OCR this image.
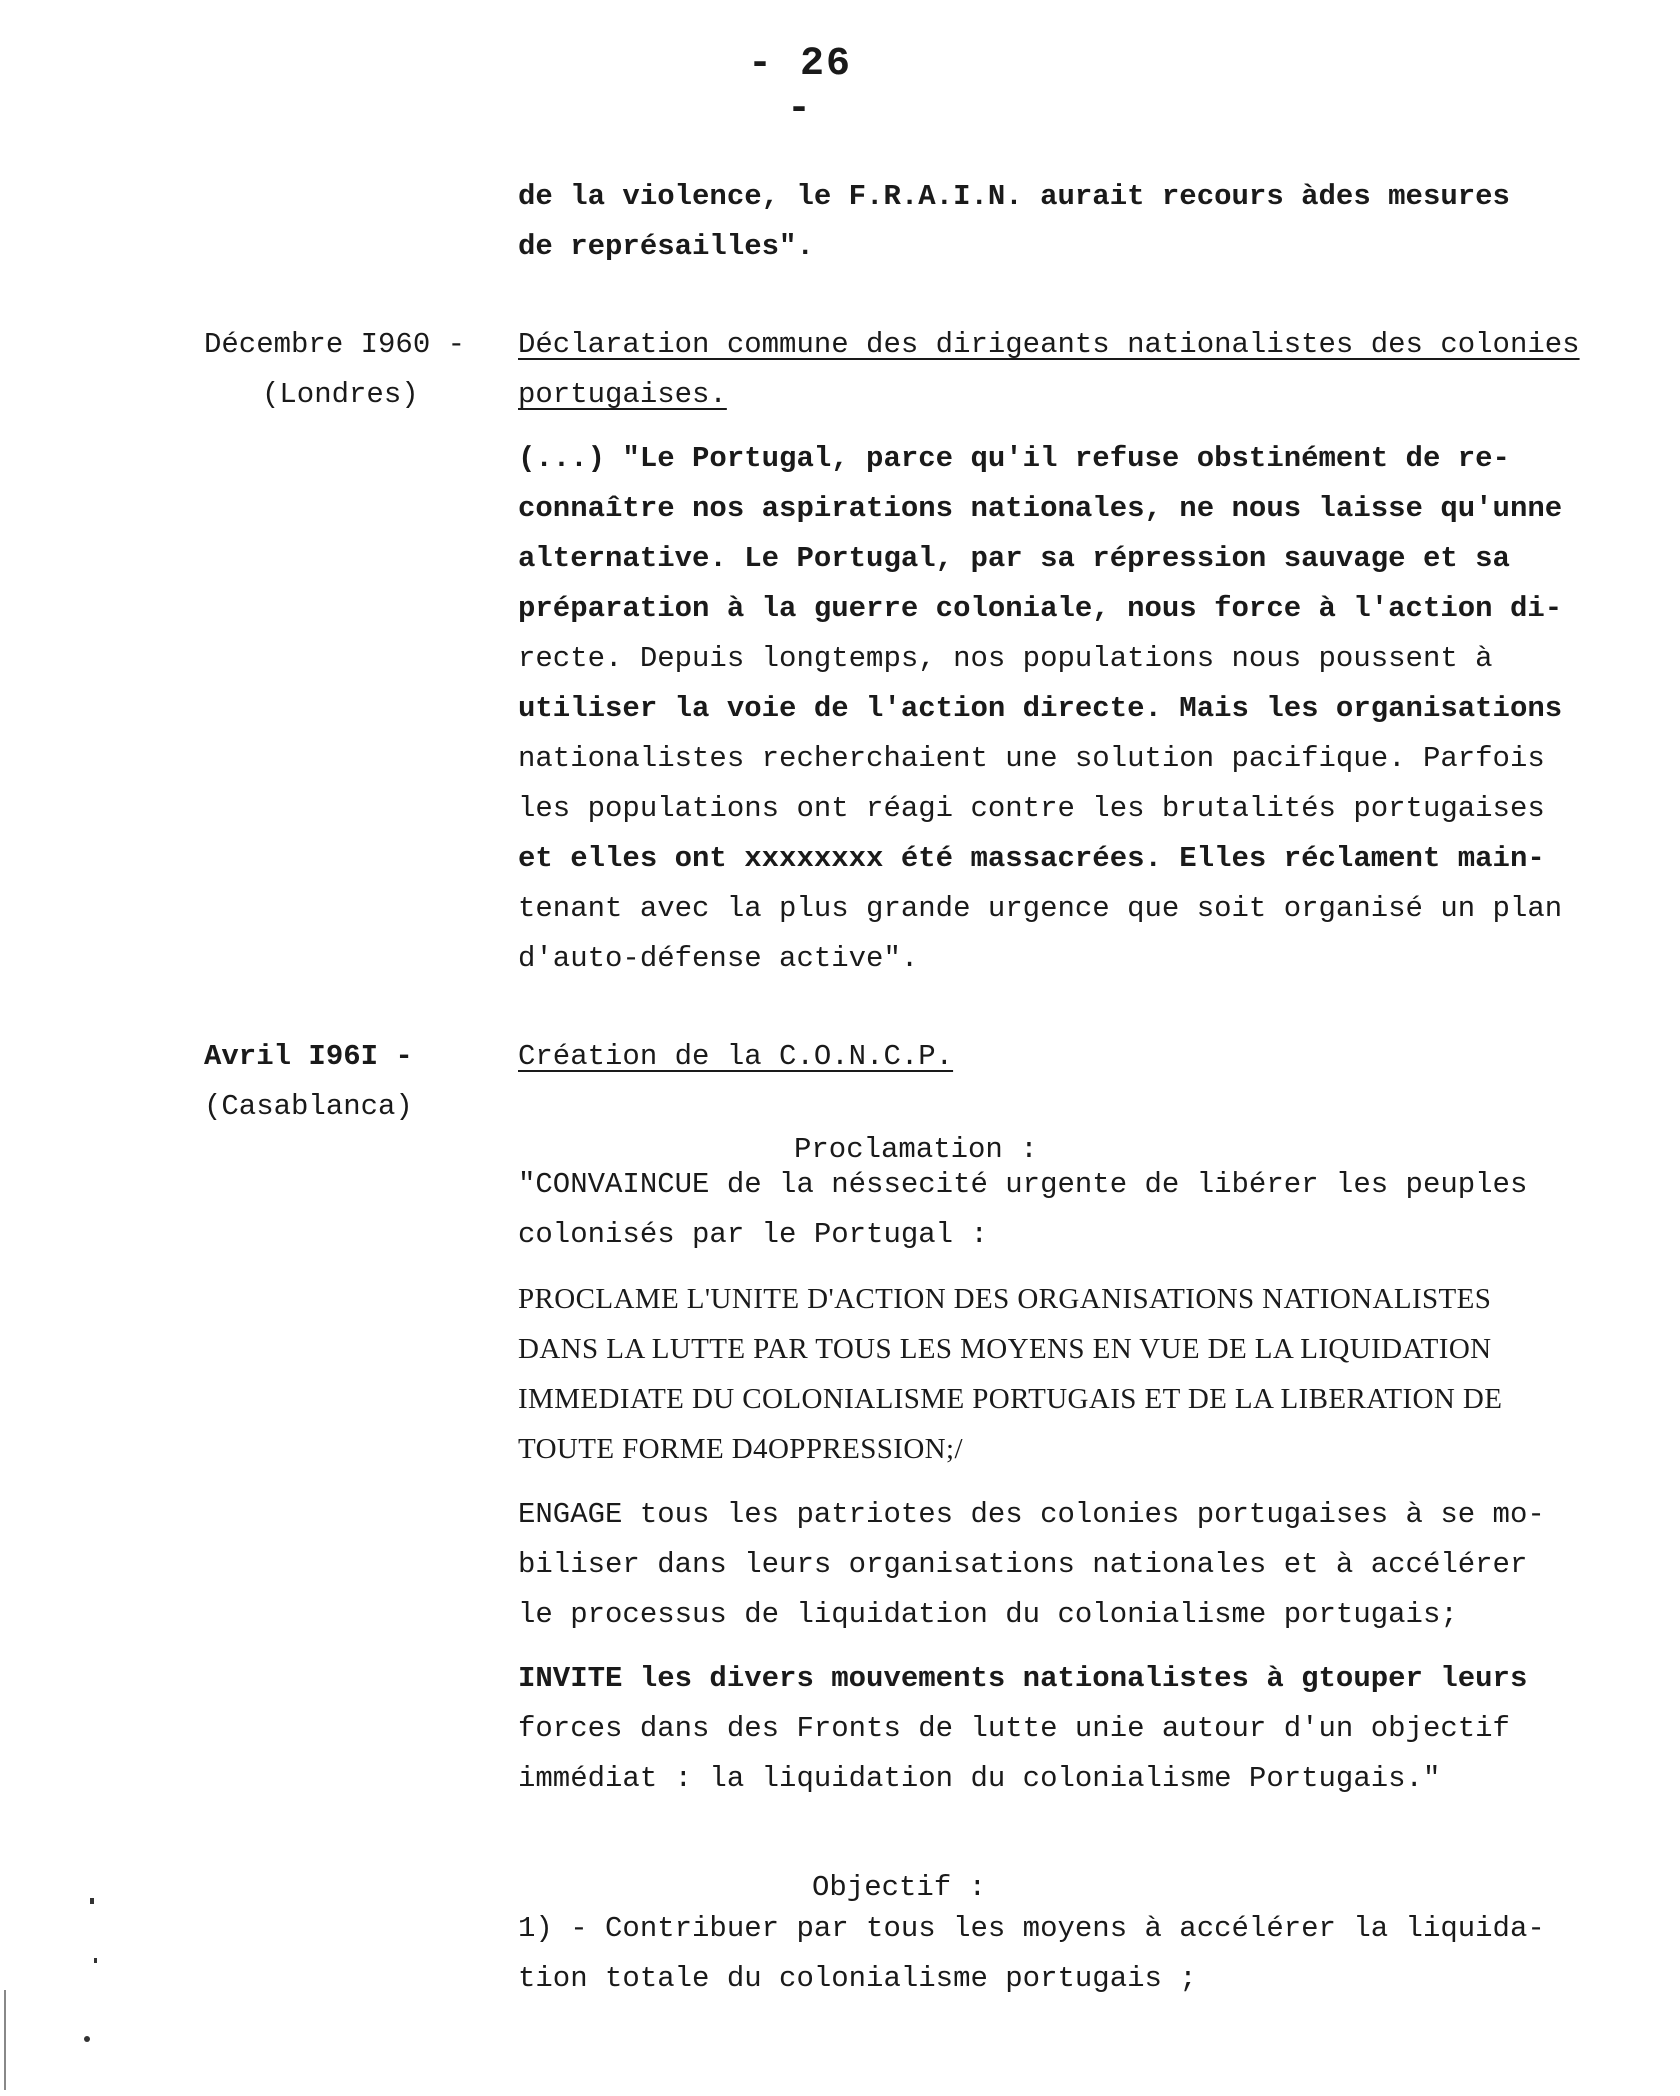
- 26 -

de la violence, le F.R.A.I.N. aurait recours àdes mesures

de représailles".

Décembre I960 -

(Londres)

Déclaration commune des dirigeants nationalistes des colonies

portugaises.

(...) "Le Portugal, parce qu'il refuse obstinément de re-

connaître nos aspirations nationales, ne nous laisse qu'unne

alternative. Le Portugal, par sa répression sauvage et sa

préparation à la guerre coloniale, nous force à l'action di-

recte. Depuis longtemps, nos populations nous poussent à

utiliser la voie de l'action directe. Mais les organisations

nationalistes recherchaient une solution pacifique. Parfois

les populations ont réagi contre les brutalités portugaises

et elles ont xxxxxxxx été massacrées. Elles réclament main-

tenant avec la plus grande urgence que soit organisé un plan

d'auto-défense active".

Avril I96I -

(Casablanca)

Création de la C.O.N.C.P.

Proclamation :

"CONVAINCUE de la néssecité urgente de libérer les peuples

colonisés par le Portugal :

PROCLAME L'UNITE D'ACTION DES ORGANISATIONS NATIONALISTES

DANS LA LUTTE PAR TOUS LES MOYENS EN VUE DE LA LIQUIDATION

IMMEDIATE DU COLONIALISME PORTUGAIS ET DE LA LIBERATION DE

TOUTE FORME D4OPPRESSION;/

ENGAGE tous les patriotes des colonies portugaises à se mo-

biliser dans leurs organisations nationales et à accélérer

le processus de liquidation du colonialisme portugais;

INVITE les divers mouvements nationalistes à gtouper leurs

forces dans des Fronts de lutte unie autour d'un objectif

immédiat : la liquidation du colonialisme Portugais."

Objectif :

1) - Contribuer par tous les moyens à accélérer la liquida-

tion totale du colonialisme portugais ;
